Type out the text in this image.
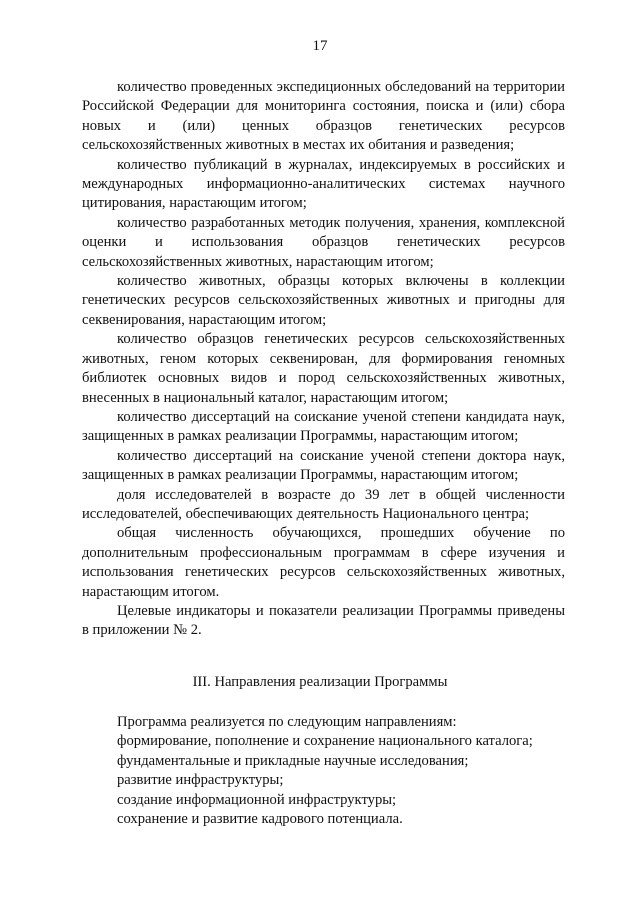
17

количество проведенных экспедиционных обследований на территории Российской Федерации для мониторинга состояния, поиска и (или) сбора новых и (или) ценных образцов генетических ресурсов сельскохозяйственных животных в местах их обитания и разведения;

количество публикаций в журналах, индексируемых в российских и международных информационно-аналитических системах научного цитирования, нарастающим итогом;

количество разработанных методик получения, хранения, комплексной оценки и использования образцов генетических ресурсов сельскохозяйственных животных, нарастающим итогом;

количество животных, образцы которых включены в коллекции генетических ресурсов сельскохозяйственных животных и пригодны для секвенирования, нарастающим итогом;

количество образцов генетических ресурсов сельскохозяйственных животных, геном которых секвенирован, для формирования геномных библиотек основных видов и пород сельскохозяйственных животных, внесенных в национальный каталог, нарастающим итогом;

количество диссертаций на соискание ученой степени кандидата наук, защищенных в рамках реализации Программы, нарастающим итогом;

количество диссертаций на соискание ученой степени доктора наук, защищенных в рамках реализации Программы, нарастающим итогом;

доля исследователей в возрасте до 39 лет в общей численности исследователей, обеспечивающих деятельность Национального центра;

общая численность обучающихся, прошедших обучение по дополнительным профессиональным программам в сфере изучения и использования генетических ресурсов сельскохозяйственных животных, нарастающим итогом.

Целевые индикаторы и показатели реализации Программы приведены в приложении № 2.

III. Направления реализации Программы

Программа реализуется по следующим направлениям:

формирование, пополнение и сохранение национального каталога;

фундаментальные и прикладные научные исследования;

развитие инфраструктуры;

создание информационной инфраструктуры;

сохранение и развитие кадрового потенциала.
